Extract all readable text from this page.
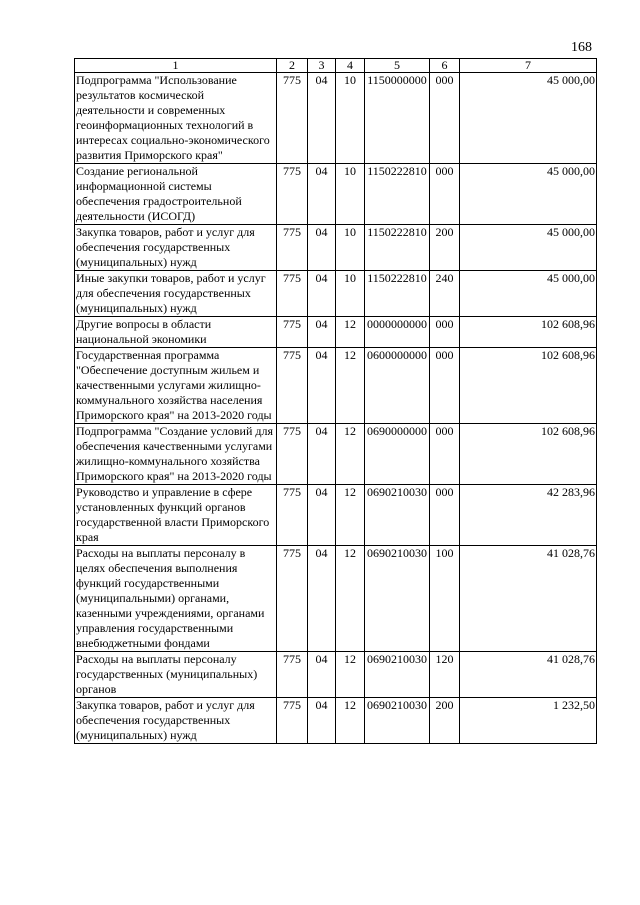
168
1	2	3	4	5	6	7
Подпрограмма "Использование результатов космической деятельности и современных геоинформационных технологий в интересах социально-экономического развития Приморского края"	775	04	10	1150000000	000	45 000,00
Создание региональной информационной системы обеспечения градостроительной деятельности (ИСОГД)	775	04	10	1150222810	000	45 000,00
Закупка товаров, работ и услуг для обеспечения государственных (муниципальных) нужд	775	04	10	1150222810	200	45 000,00
Иные закупки товаров, работ и услуг для обеспечения государственных (муниципальных) нужд	775	04	10	1150222810	240	45 000,00
Другие вопросы в области национальной экономики	775	04	12	0000000000	000	102 608,96
Государственная программа "Обеспечение доступным жильем и качественными услугами жилищно-коммунального хозяйства населения Приморского края" на 2013-2020 годы	775	04	12	0600000000	000	102 608,96
Подпрограмма "Создание условий для обеспечения качественными услугами жилищно-коммунального хозяйства Приморского края" на 2013-2020 годы	775	04	12	0690000000	000	102 608,96
Руководство и управление в сфере установленных функций органов государственной власти Приморского края	775	04	12	0690210030	000	42 283,96
Расходы на выплаты персоналу в целях обеспечения выполнения функций государственными (муниципальными) органами, казенными учреждениями, органами управления государственными внебюджетными фондами	775	04	12	0690210030	100	41 028,76
Расходы на выплаты персоналу государственных (муниципальных) органов	775	04	12	0690210030	120	41 028,76
Закупка товаров, работ и услуг для обеспечения государственных (муниципальных) нужд	775	04	12	0690210030	200	1 232,50
